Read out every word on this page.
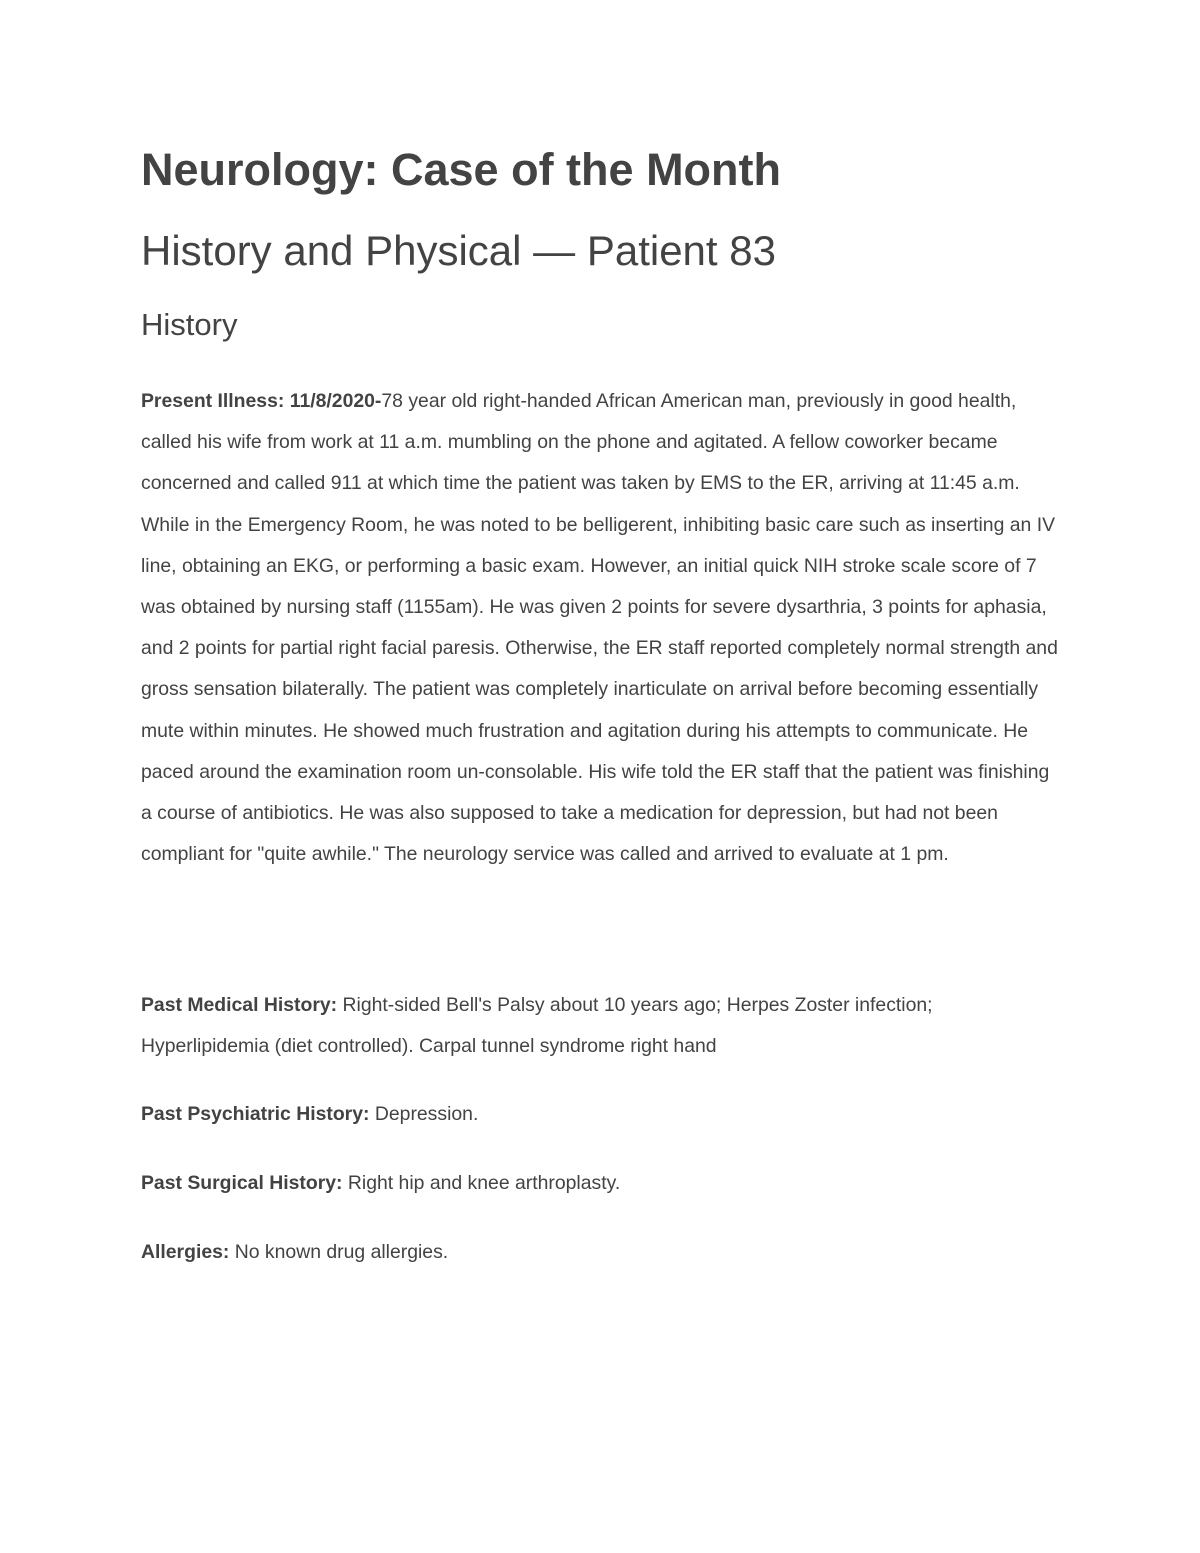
Neurology: Case of the Month
History and Physical — Patient 83
History

Present Illness: 11/8/2020-78 year old right-handed African American man, previously in good health, called his wife from work at 11 a.m. mumbling on the phone and agitated. A fellow coworker became concerned and called 911 at which time the patient was taken by EMS to the ER, arriving at 11:45 a.m. While in the Emergency Room, he was noted to be belligerent, inhibiting basic care such as inserting an IV line, obtaining an EKG, or performing a basic exam. However, an initial quick NIH stroke scale score of 7 was obtained by nursing staff (1155am). He was given 2 points for severe dysarthria, 3 points for aphasia, and 2 points for partial right facial paresis. Otherwise, the ER staff reported completely normal strength and gross sensation bilaterally. The patient was completely inarticulate on arrival before becoming essentially mute within minutes. He showed much frustration and agitation during his attempts to communicate. He paced around the examination room un-consolable. His wife told the ER staff that the patient was finishing a course of antibiotics. He was also supposed to take a medication for depression, but had not been compliant for "quite awhile." The neurology service was called and arrived to evaluate at 1 pm.

Past Medical History: Right-sided Bell's Palsy about 10 years ago; Herpes Zoster infection; Hyperlipidemia (diet controlled). Carpal tunnel syndrome right hand

Past Psychiatric History: Depression.

Past Surgical History: Right hip and knee arthroplasty.

Allergies: No known drug allergies.
